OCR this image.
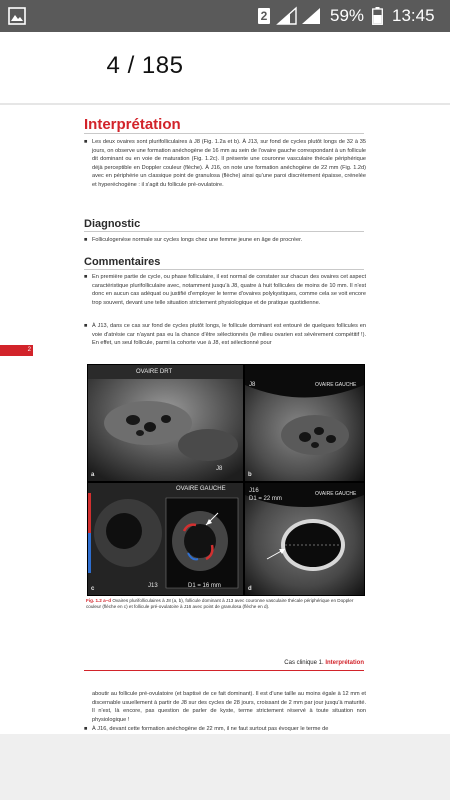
2	59% 13:45
4 / 185
Interprétation
■ Les deux ovaires sont plurifolliculaires à J8 (Fig. 1.2a et b). À J13, sur fond de cycles plutôt longs de 32 à 35 jours, on observe une formation anéchogène de 16 mm au sein de l'ovaire gauche correspondant à un follicule dit dominant ou en voie de maturation (Fig. 1.2c). Il présente une couronne vasculaire thécale périphérique déjà perceptible en Doppler couleur (flèche). À J16, on note une formation anéchogène de 22 mm (Fig. 1.2d) avec en périphérie un classique point de granulosa (flèche) ainsi qu'une paroi discrètement épaisse, crénelée et hyperéchogène : il s'agit du follicule pré-ovulatoire.
Diagnostic
■ Folliculogenèse normale sur cycles longs chez une femme jeune en âge de procréer.
Commentaires
■ En première partie de cycle, ou phase folliculaire, il est normal de constater sur chacun des ovaires cet aspect caractéristique plurifolliculaire avec, notamment jusqu'à J8, quatre à huit follicules de moins de 10 mm. Il n'est donc en aucun cas adéquat ou justifié d'employer le terme d'ovaires polykystiques, comme cela se voit encore trop souvent, devant une telle situation strictement physiologique et de pratique quotidienne.
■ À J13, dans ce cas sur fond de cycles plutôt longs, le follicule dominant est entouré de quelques follicules en voie d'atrésie car n'ayant pas eu la chance d'être sélectionnés (le milieu ovarien est sévèrement compétitif !). En effet, un seul follicule, parmi la cohorte vue à J8, est sélectionné pour
2
OVAIRE DRT
J8
a
J8	OVAIRE GAUCHE
b
OVAIRE GAUCHE
J13	D1 = 16 mm
c
J16
D1 = 22 mm
OVAIRE GAUCHE
d
Fig. 1.2 a–d Ovaires plurifolliculaires à J8 (a, b), follicule dominant à J13 avec couronne vasculaire thécale périphérique en Doppler couleur (flèche en c) et follicule pré-ovulatoire à J16 avec point de granulosa (flèche en d).
Cas clinique 1. Interprétation
aboutir au follicule pré-ovulatoire (et baptisé de ce fait dominant). Il est d'une taille au moins égale à 12 mm et discernable usuellement à partir de J8 sur des cycles de 28 jours, croissant de 2 mm par jour jusqu'à maturité. Il n'est, là encore, pas question de parler de kyste, terme strictement réservé à toute situation non physiologique !
■ À J16, devant cette formation anéchogène de 22 mm, il ne faut surtout pas évoquer le terme de
